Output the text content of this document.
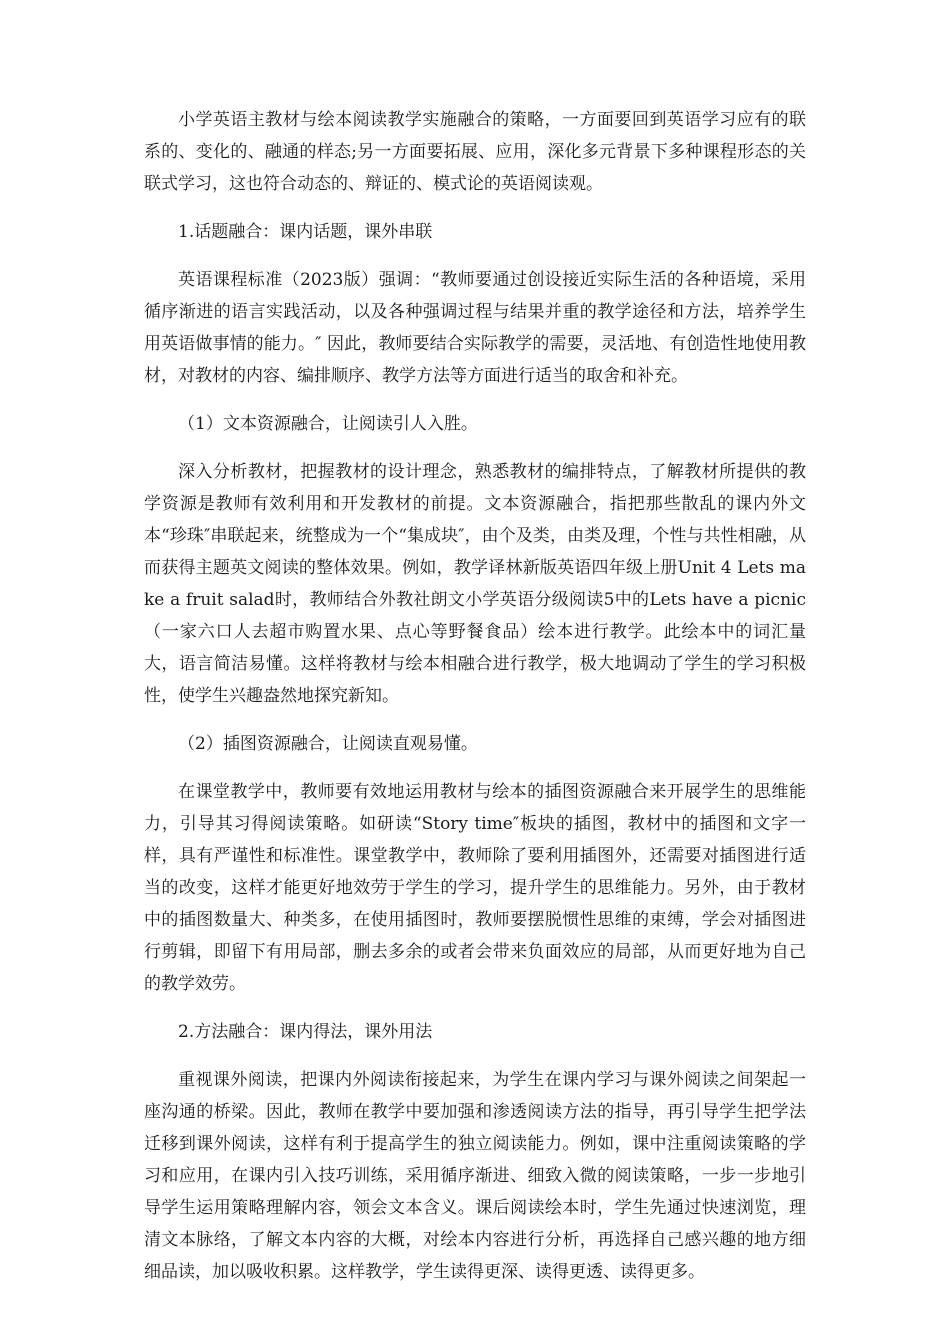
小学英语主教材与绘本阅读教学实施融合的策略，一方面要回到英语学习应有的联系的、变化的、融通的样态;另一方面要拓展、应用，深化多元背景下多种课程形态的关联式学习，这也符合动态的、辩证的、模式论的英语阅读观。

1.话题融合：课内话题，课外串联

英语课程标准（2023版）强调：“教师要通过创设接近实际生活的各种语境，采用循序渐进的语言实践活动，以及各种强调过程与结果并重的教学途径和方法，培养学生用英语做事情的能力。″ 因此，教师要结合实际教学的需要，灵活地、有创造性地使用教材，对教材的内容、编排顺序、教学方法等方面进行适当的取舍和补充。

（1）文本资源融合，让阅读引人入胜。

深入分析教材，把握教材的设计理念，熟悉教材的编排特点，了解教材所提供的教学资源是教师有效利用和开发教材的前提。文本资源融合，指把那些散乱的课内外文本“珍珠″串联起来，统整成为一个“集成块″，由个及类，由类及理，个性与共性相融，从而获得主题英文阅读的整体效果。例如，教学译林新版英语四年级上册Unit 4 Lets make a fruit salad时，教师结合外教社朗文小学英语分级阅读5中的Lets have a picnic（一家六口人去超市购置水果、点心等野餐食品）绘本进行教学。此绘本中的词汇量大，语言简洁易懂。这样将教材与绘本相融合进行教学，极大地调动了学生的学习积极性，使学生兴趣盎然地探究新知。

（2）插图资源融合，让阅读直观易懂。

在课堂教学中，教师要有效地运用教材与绘本的插图资源融合来开展学生的思维能力，引导其习得阅读策略。如研读“Story time″板块的插图，教材中的插图和文字一样，具有严谨性和标准性。课堂教学中，教师除了要利用插图外，还需要对插图进行适当的改变，这样才能更好地效劳于学生的学习，提升学生的思维能力。另外，由于教材中的插图数量大、种类多，在使用插图时，教师要摆脱惯性思维的束缚，学会对插图进行剪辑，即留下有用局部，删去多余的或者会带来负面效应的局部，从而更好地为自己的教学效劳。

2.方法融合：课内得法，课外用法

重视课外阅读，把课内外阅读衔接起来，为学生在课内学习与课外阅读之间架起一座沟通的桥梁。因此，教师在教学中要加强和渗透阅读方法的指导，再引导学生把学法迁移到课外阅读，这样有利于提高学生的独立阅读能力。例如，课中注重阅读策略的学习和应用，在课内引入技巧训练，采用循序渐进、细致入微的阅读策略，一步一步地引导学生运用策略理解内容，领会文本含义。课后阅读绘本时，学生先通过快速浏览，理清文本脉络，了解文本内容的大概，对绘本内容进行分析，再选择自己感兴趣的地方细细品读，加以吸收积累。这样教学，学生读得更深、读得更透、读得更多。
